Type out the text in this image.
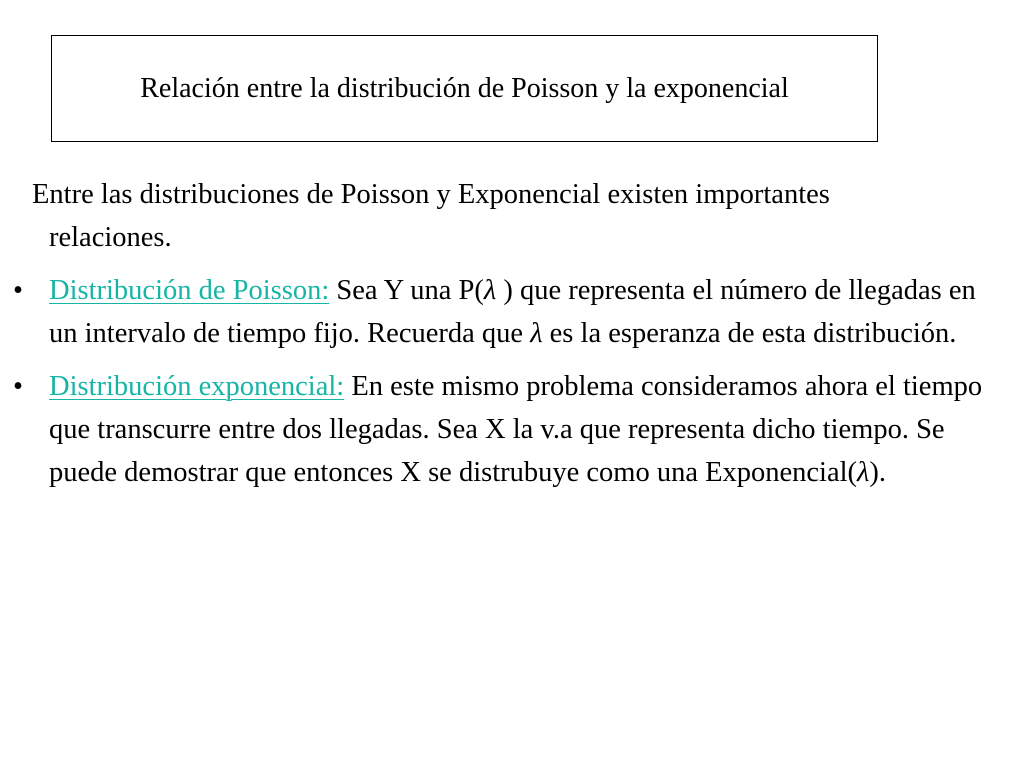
Relación entre la distribución de Poisson y la exponencial
Entre las distribuciones de Poisson y Exponencial existen importantes relaciones.
• Distribución de Poisson: Sea Y una P(λ ) que representa el número de llegadas en un intervalo de tiempo fijo. Recuerda que λ es la esperanza de esta distribución.
• Distribución exponencial: En este mismo problema consideramos ahora el tiempo que transcurre entre dos llegadas. Sea X la v.a que representa dicho tiempo. Se puede demostrar que entonces X se distrubuye como una Exponencial(λ).
